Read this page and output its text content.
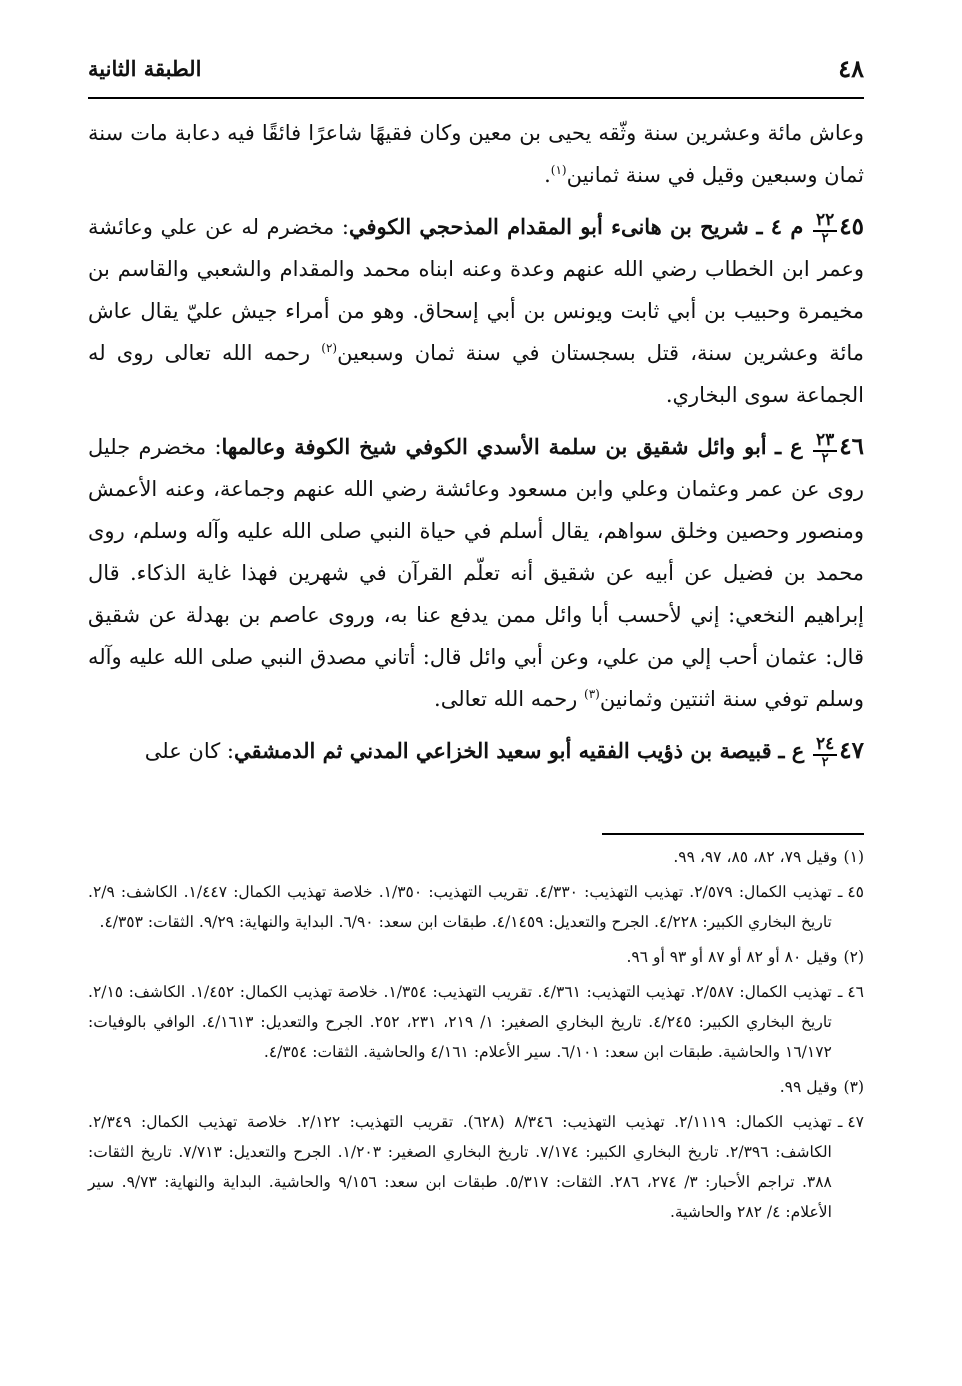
٤٨
الطبقة الثانية

وعاش مائة وعشرين سنة وثّقه يحيى بن معين وكان فقيهًا شاعرًا فائقًا فيه دعابة مات سنة ثمان وسبعين وقيل في سنة ثمانين$^{(١)}$.

٤٥
$\frac{٢٢}{٢}$
م ٤ ـ شريح بن هانىء أبو المقدام المذحجي الكوفي: مخضرم له عن علي وعائشة وعمر ابن الخطاب رضي الله عنهم وعدة وعنه ابناه محمد والمقدام والشعبي والقاسم بن مخيمرة وحبيب بن أبي ثابت ويونس بن أبي إسحاق. وهو من أمراء جيش عليّ يقال عاش مائة وعشرين سنة، قتل بسجستان في سنة ثمان وسبعين$^{(٢)}$ رحمه الله تعالى روى له الجماعة سوى البخاري.

٤٦
$\frac{٢٣}{٢}$
ع ـ أبو وائل شقيق بن سلمة الأسدي الكوفي شيخ الكوفة وعالمها: مخضرم جليل روى عن عمر وعثمان وعلي وابن مسعود وعائشة رضي الله عنهم وجماعة، وعنه الأعمش ومنصور وحصين وخلق سواهم، يقال أسلم في حياة النبي صلى الله عليه وآله وسلم، روى محمد بن فضيل عن أبيه عن شقيق أنه تعلّم القرآن في شهرين فهذا غاية الذكاء. قال إبراهيم النخعي: إني لأحسب أبا وائل ممن يدفع عنا به، وروى عاصم بن بهدلة عن شقيق قال: عثمان أحب إلي من علي، وعن أبي وائل قال: أتاني مصدق النبي صلى الله عليه وآله وسلم توفي سنة اثنتين وثمانين$^{(٣)}$ رحمه الله تعالى.

٤٧
$\frac{٢٤}{٢}$
ع ـ قبيصة بن ذؤيب الفقيه أبو سعيد الخزاعي المدني ثم الدمشقي: كان على

(١)
وقيل ٧٩، ٨٢، ٨٥، ٩٧، ٩٩.
٤٥ ـ
تهذيب الكمال: ٢/٥٧٩. تهذيب التهذيب: ٤/٣٣٠. تقريب التهذيب: ١/٣٥٠. خلاصة تهذيب الكمال: ١/٤٤٧. الكاشف: ٢/٩. تاريخ البخاري الكبير: ٤/٢٢٨. الجرح والتعديل: ٤/١٤٥٩. طبقات ابن سعد: ٦/٩٠. البداية والنهاية: ٩/٢٩. الثقات: ٤/٣٥٣.
(٢)
وقيل ٨٠ أو ٨٢ أو ٨٧ أو ٩٣ أو ٩٦.
٤٦ ـ
تهذيب الكمال: ٢/٥٨٧. تهذيب التهذيب: ٤/٣٦١. تقريب التهذيب: ١/٣٥٤. خلاصة تهذيب الكمال: ١/٤٥٢. الكاشف: ٢/١٥. تاريخ البخاري الكبير: ٤/٢٤٥. تاريخ البخاري الصغير: ١/ ٢١٩، ٢٣١، ٢٥٢. الجرح والتعديل: ٤/١٦١٣. الوافي بالوفيات: ١٦/١٧٢ والحاشية. طبقات ابن سعد: ٦/١٠١. سير الأعلام: ٤/١٦١ والحاشية. الثقات: ٤/٣٥٤.
(٣)
وقيل ٩٩.
٤٧ ـ
تهذيب الكمال: ٢/١١١٩. تهذيب التهذيب: ٨/٣٤٦ (٦٢٨). تقريب التهذيب: ٢/١٢٢. خلاصة تهذيب الكمال: ٢/٣٤٩. الكاشف: ٢/٣٩٦. تاريخ البخاري الكبير: ٧/١٧٤. تاريخ البخاري الصغير: ١/٢٠٣. الجرح والتعديل: ٧/٧١٣. تاريخ الثقات: ٣٨٨. تراجم الأحبار: ٣/ ٢٧٤، ٢٨٦. الثقات: ٥/٣١٧. طبقات ابن سعد: ٩/١٥٦ والحاشية. البداية والنهاية: ٩/٧٣. سير الأعلام: ٤/ ٢٨٢ والحاشية.
